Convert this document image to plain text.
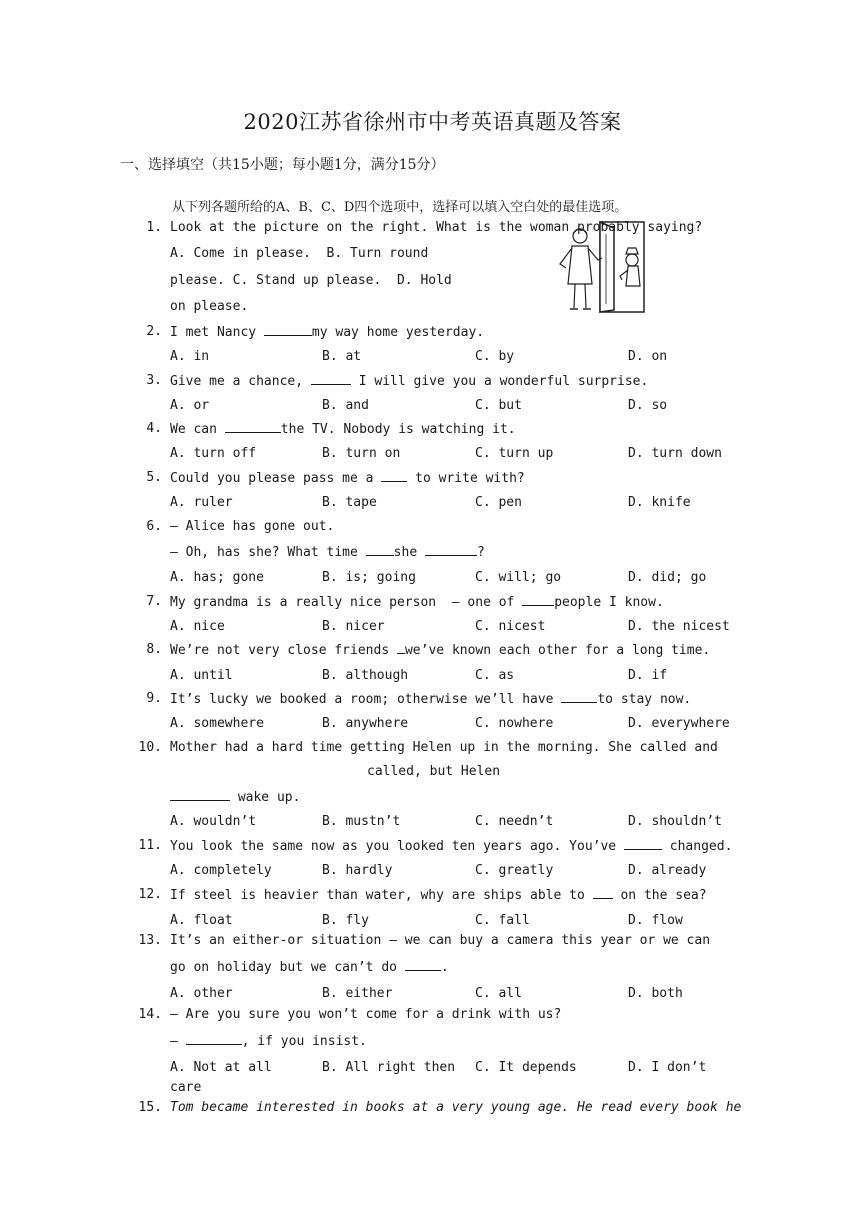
2020江苏省徐州市中考英语真题及答案
一、选择填空（共15小题；每小题1分，满分15分）
从下列各题所给的A、B、C、D四个选项中，选择可以填入空白处的最佳选项。
1. Look at the picture on the right. What is the woman probably saying?
A. Come in please.  B. Turn round
please. C. Stand up please.  D. Hold
on please.
2. I met Nancy	my way home yesterday.
A. in	B. at	C. by	D. on
3. Give me a chance,	I will give you a wonderful surprise.
A. or	B. and	C. but	D. so
4. We can	the TV. Nobody is watching it.
A. turn off	B. turn on	C. turn up	D. turn down
5. Could you please pass me a  to write with?
A. ruler	B. tape	C. pen	D. knife
6. — Alice has gone out.
— Oh, has she? What time she	?
A. has; gone	B. is; going	C. will; go	D. did; go
7. My grandma is a really nice person  — one of people I know.
A. nice	B. nicer	C. nicest	D. the nicest
8. We’re not very close friends we’ve known each other for a long time.
A. until	B. although	C. as	D. if
9. It’s lucky we booked a room; otherwise we’ll have	to stay now.
A. somewhere	B. anywhere	C. nowhere	D. everywhere
10. Mother had a hard time getting Helen up in the morning. She called and
called, but Helen
wake up.
A. wouldn’t	B. mustn’t	C. needn’t	D. shouldn’t
11. You look the same now as you looked ten years ago. You’ve	changed.
A. completely	B. hardly	C. greatly	D. already
12. If steel is heavier than water, why are ships able to  on the sea?
A. float	B. fly	C. fall	D. flow
13. It’s an either-or situation — we can buy a camera this year or we can
go on holiday but we can’t do	.
A. other	B. either	C. all	D. both
14. — Are you sure you won’t come for a drink with us?
—	, if you insist.
A. Not at all	B. All right then C. It depends	D. I don’t
care
15. Tom became interested in books at a very young age. He read every book he
